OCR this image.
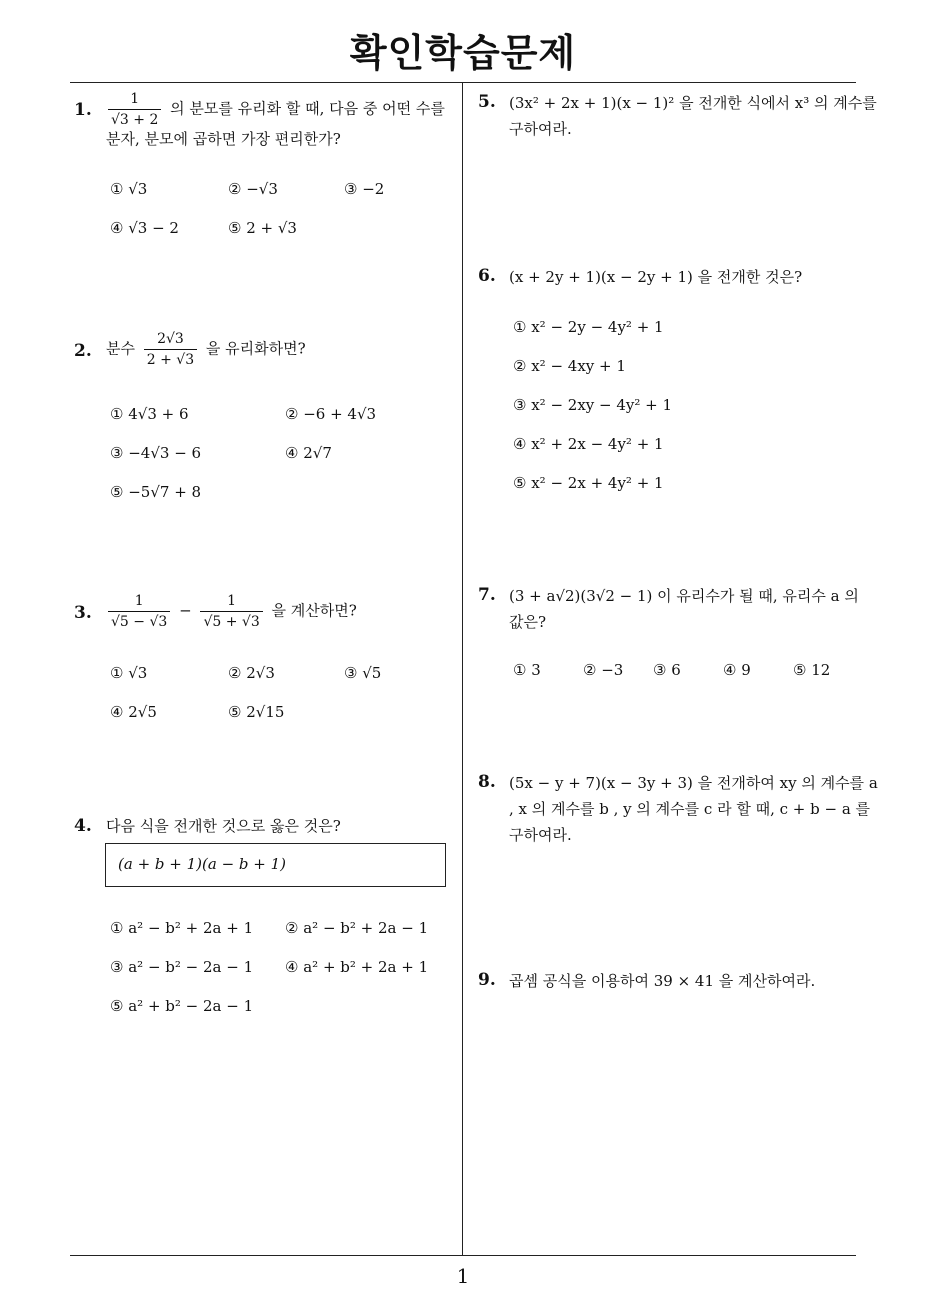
확인학습문제
1
1. $\frac{1}{√3 + 2}$ 의 분모를 유리화 할 때, 다음 중 어떤 수를
분자, 분모에 곱하면 가장 편리한가?
① √3	② −√3	③ −2
④ √3 − 2	⑤ 2 + √3
2. 분수 $\frac{2√3}{2 + √3}$ 을 유리화하면?
① 4√3 + 6	② −6 + 4√3
③ −4√3 − 6	④ 2√7
⑤ −5√7 + 8
3. $\frac{1}{√5 - √3} - \frac{1}{√5 + √3}$ 을 계산하면?
① √3	② 2√3	③ √5
④ 2√5	⑤ 2√15
4. 다음 식을 전개한 것으로 옳은 것은?
(a + b + 1)(a − b + 1)
① a² − b² + 2a + 1 ② a² − b² + 2a − 1
③ a² − b² − 2a − 1 ④ a² + b² + 2a + 1
⑤ a² + b² − 2a − 1
5. (3x² + 2x + 1)(x − 1)² 을 전개한 식에서 x³ 의 계수를
구하여라.
6. (x + 2y + 1)(x − 2y + 1) 을 전개한 것은?
① x² − 2y − 4y² + 1
② x² − 4xy + 1
③ x² − 2xy − 4y² + 1
④ x² + 2x − 4y² + 1
⑤ x² − 2x + 4y² + 1
7. (3 + a√2)(3√2 − 1) 이 유리수가 될 때, 유리수 a 의
값은?
① 3	② −3 ③ 6	④ 9	⑤ 12
8. (5x − y + 7)(x − 3y + 3) 을 전개하여 xy 의 계수를 a
, x 의 계수를 b , y 의 계수를 c 라 할 때, c + b − a 를
구하여라.
9. 곱셈 공식을 이용하여 39 × 41 을 계산하여라.
